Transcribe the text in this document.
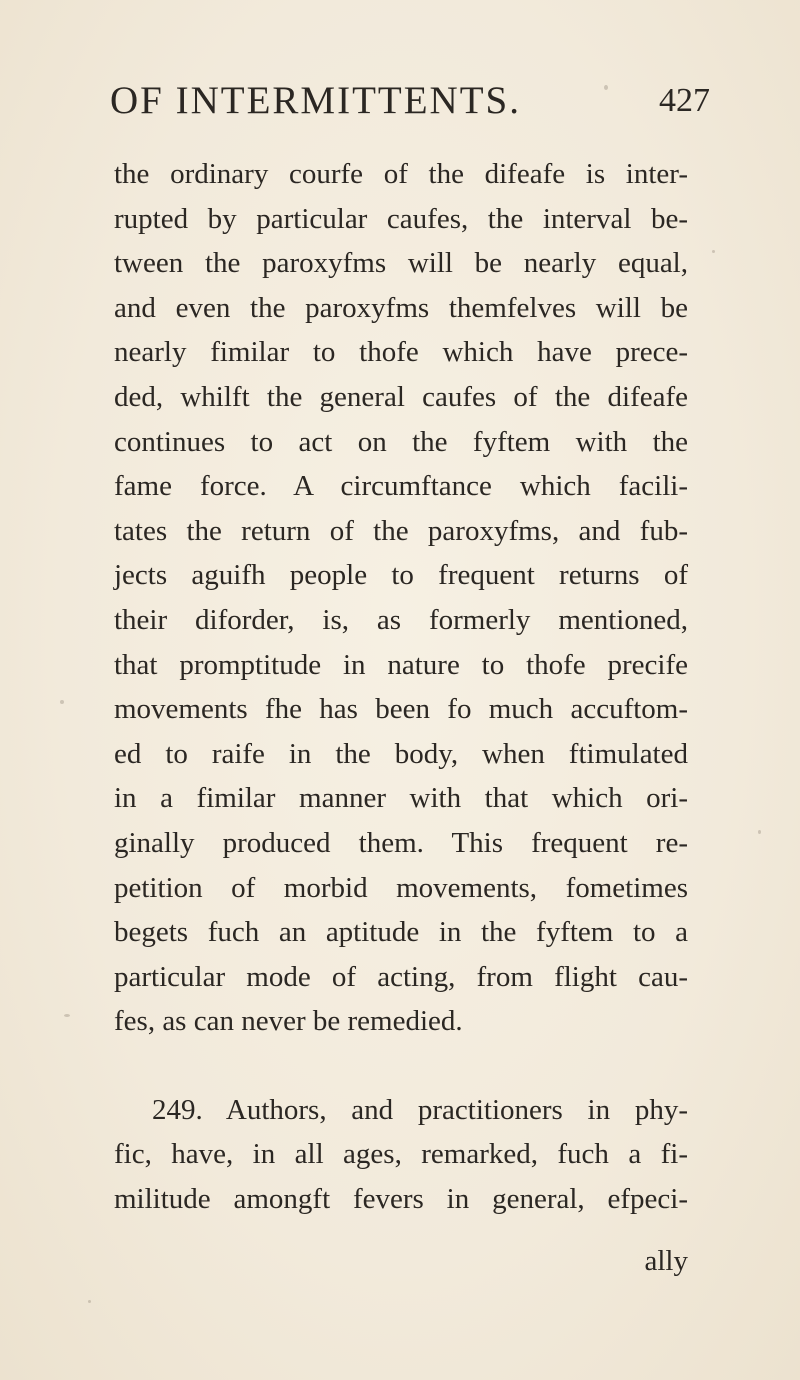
OF INTERMITTENTS.	427
the ordinary courfe of the difeafe is inter-
rupted by particular caufes, the interval be-
tween the paroxyfms will be nearly equal,
and even the paroxyfms themfelves will be
nearly fimilar to thofe which have prece-
ded, whilft the general caufes of the difeafe
continues to act on the fyftem with the
fame force. A circumftance which facili-
tates the return of the paroxyfms, and fub-
jects aguifh people to frequent returns of
their diforder, is, as formerly mentioned,
that promptitude in nature to thofe precife
movements fhe has been fo much accuftom-
ed to raife in the body, when ftimulated
in a fimilar manner with that which ori-
ginally produced them. This frequent re-
petition of morbid movements, fometimes
begets fuch an aptitude in the fyftem to a
particular mode of acting, from flight cau-
fes, as can never be remedied.
249. Authors, and practitioners in phy-
fic, have, in all ages, remarked, fuch a fi-
militude amongft fevers in general, efpeci-
ally
